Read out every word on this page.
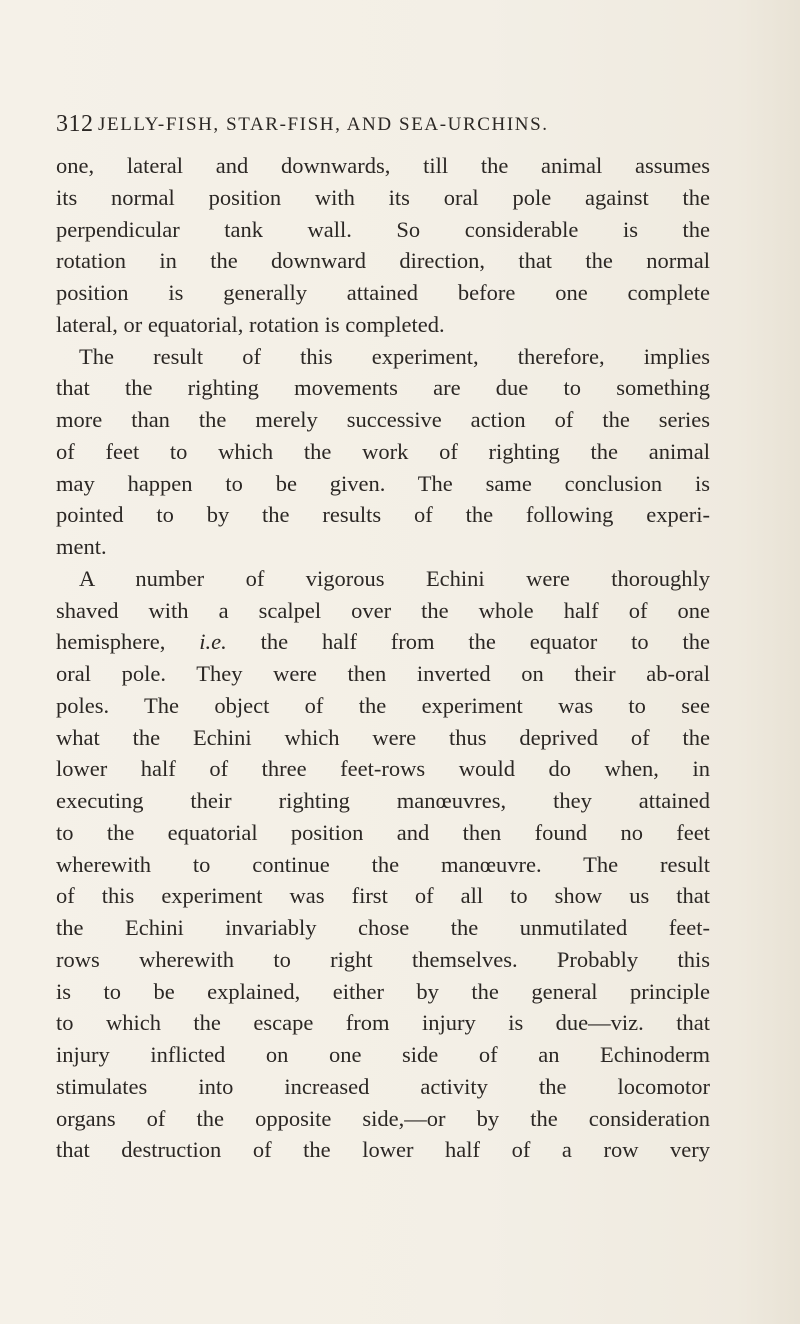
312 JELLY-FISH, STAR-FISH, AND SEA-URCHINS.
one, lateral and downwards, till the animal assumes
its normal position with its oral pole against the
perpendicular tank wall. So considerable is the
rotation in the downward direction, that the normal
position is generally attained before one complete
lateral, or equatorial, rotation is completed.
The result of this experiment, therefore, implies
that the righting movements are due to something
more than the merely successive action of the series
of feet to which the work of righting the animal
may happen to be given. The same conclusion is
pointed to by the results of the following experi-
ment.
A number of vigorous Echini were thoroughly
shaved with a scalpel over the whole half of one
hemisphere, i.e. the half from the equator to the
oral pole. They were then inverted on their ab-oral
poles. The object of the experiment was to see
what the Echini which were thus deprived of the
lower half of three feet-rows would do when, in
executing their righting manœuvres, they attained
to the equatorial position and then found no feet
wherewith to continue the manœuvre. The result
of this experiment was first of all to show us that
the Echini invariably chose the unmutilated feet-
rows wherewith to right themselves. Probably this
is to be explained, either by the general principle
to which the escape from injury is due—viz. that
injury inflicted on one side of an Echinoderm
stimulates into increased activity the locomotor
organs of the opposite side,—or by the consideration
that destruction of the lower half of a row very
